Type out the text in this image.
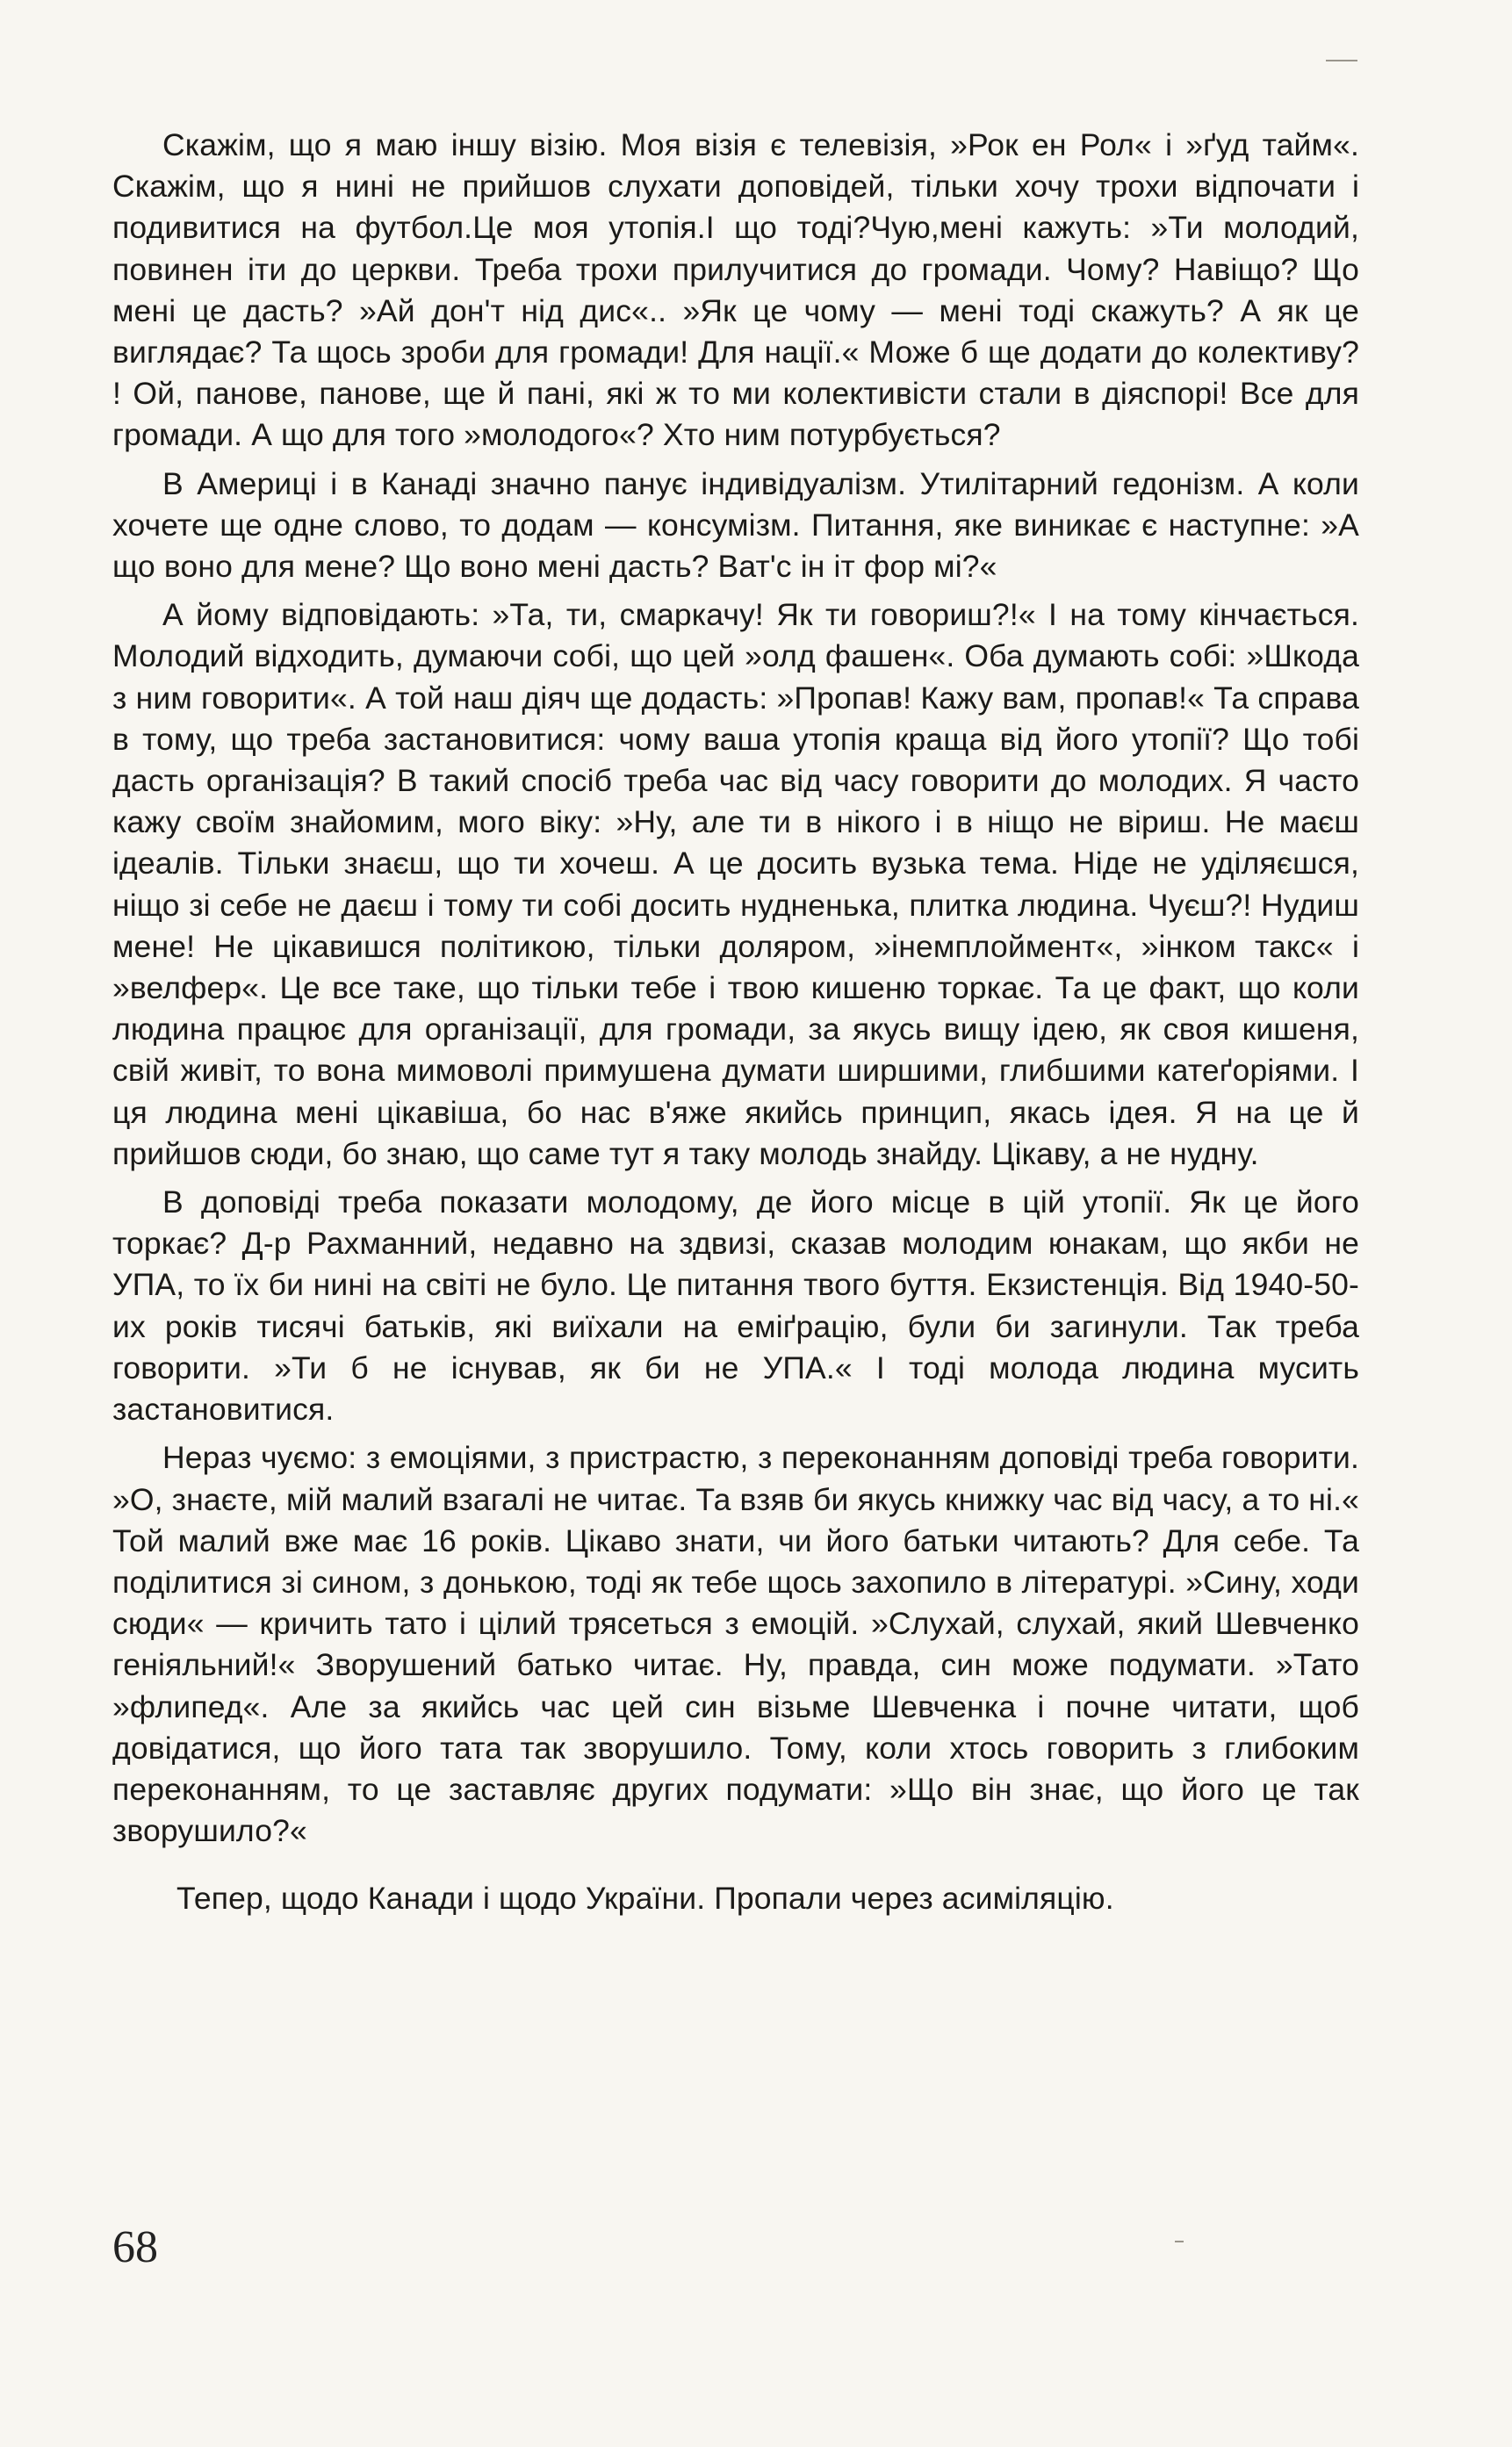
Скажім, що я маю іншу візію. Моя візія є телевізія, »Рок ен Рол« і »ґуд тайм«. Скажім, що я нині не прийшов слухати доповідей, тільки хочу трохи відпочати і подивитися на футбол.Це моя утопія.І що тоді?Чую,мені кажуть: »Ти молодий, повинен іти до церкви. Треба трохи прилучитися до громади. Чому? Навіщо? Що мені це дасть? »Ай дон'т нід дис«.. »Як це чому — мені тоді скажуть? А як це виглядає? Та щось зроби для громади! Для нації.« Може б ще додати до колективу? ! Ой, панове, панове, ще й пані, які ж то ми колективісти стали в діяспорі! Все для громади. А що для того »молодого«? Хто ним потурбується?

В Америці і в Канаді значно панує індивідуалізм. Утилітарний гедонізм. А коли хочете ще одне слово, то додам — консумізм. Питання, яке виникає є наступне: »А що воно для мене? Що воно мені дасть? Ват'с ін іт фор мі?«

А йому відповідають: »Та, ти, смаркачу! Як ти говориш?!« І на тому кінчається. Молодий відходить, думаючи собі, що цей »олд фашен«. Оба думають собі: »Шкода з ним говорити«. А той наш діяч ще додасть: »Пропав! Кажу вам, пропав!« Та справа в тому, що треба застановитися: чому ваша утопія краща від його утопії? Що тобі дасть організація? В такий спосіб треба час від часу говорити до молодих. Я часто кажу своїм знайомим, мого віку: »Ну, але ти в нікого і в ніщо не віриш. Не маєш ідеалів. Тільки знаєш, що ти хочеш. А це досить вузька тема. Ніде не уділяєшся, ніщо зі себе не даєш і тому ти собі досить нудненька, плитка людина. Чуєш?! Нудиш мене! Не цікавишся політикою, тільки доляром, »інемплоймент«, »інком такс« і »велфер«. Це все таке, що тільки тебе і твою кишеню торкає. Та це факт, що коли людина працює для організації, для громади, за якусь вищу ідею, як своя кишеня, свій живіт, то вона мимоволі примушена думати ширшими, глибшими катеґоріями. І ця людина мені цікавіша, бо нас в'яже якийсь принцип, якась ідея. Я на це й прийшов сюди, бо знаю, що саме тут я таку молодь знайду. Цікаву, а не нудну.

В доповіді треба показати молодому, де його місце в цій утопії. Як це його торкає? Д-р Рахманний, недавно на здвизі, сказав молодим юнакам, що якби не УПА, то їх би нині на світі не було. Це питання твого буття. Екзистенція. Від 1940-50-их років тисячі батьків, які виїхали на еміґрацію, були би загинули. Так треба говорити. »Ти б не існував, як би не УПА.« І тоді молода людина мусить застановитися.

Нераз чуємо: з емоціями, з пристрастю, з переконанням доповіді треба говорити. »О, знаєте, мій малий взагалі не читає. Та взяв би якусь книжку час від часу, а то ні.« Той малий вже має 16 років. Цікаво знати, чи його батьки читають? Для себе. Та поділитися зі сином, з донькою, тоді як тебе щось захопило в літературі. »Сину, ходи сюди« — кричить тато і цілий трясеться з емоцій. »Слухай, слухай, який Шевченко геніяльний!« Зворушений батько читає. Ну, правда, син може подумати. »Тато »флипед«. Але за якийсь час цей син візьме Шевченка і почне читати, щоб довідатися, що його тата так зворушило. Тому, коли хтось говорить з глибоким переконанням, то це заставляє других подумати: »Що він знає, що його це так зворушило?«

Тепер, щодо Канади і щодо України. Пропали через асиміляцію.

68
